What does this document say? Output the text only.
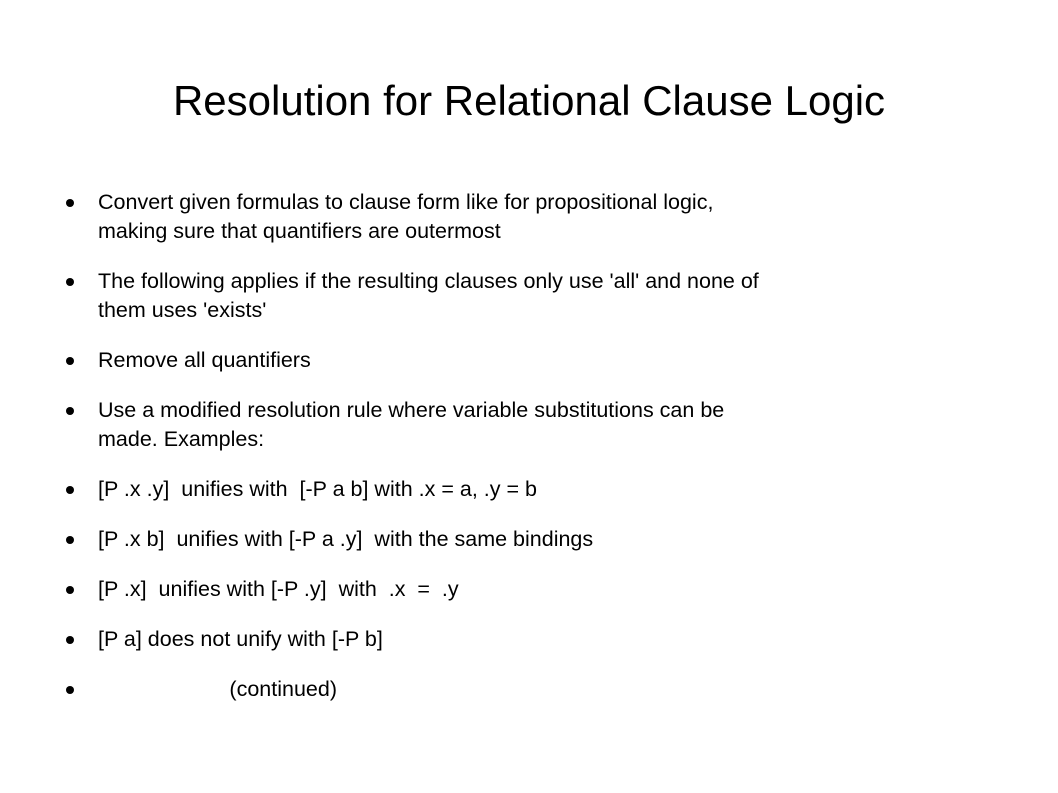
Resolution for Relational Clause Logic
Convert given formulas to clause form like for propositional logic,
making sure that quantifiers are outermost
The following applies if the resulting clauses only use 'all' and none of
them uses 'exists'
Remove all quantifiers
Use a modified resolution rule where variable substitutions can be
made. Examples:
[P .x .y]  unifies with  [-P a b] with .x = a, .y = b
[P .x b]  unifies with [-P a .y]  with the same bindings
[P .x]  unifies with [-P .y]  with  .x  =  .y
[P a] does not unify with [-P b]
(continued)
